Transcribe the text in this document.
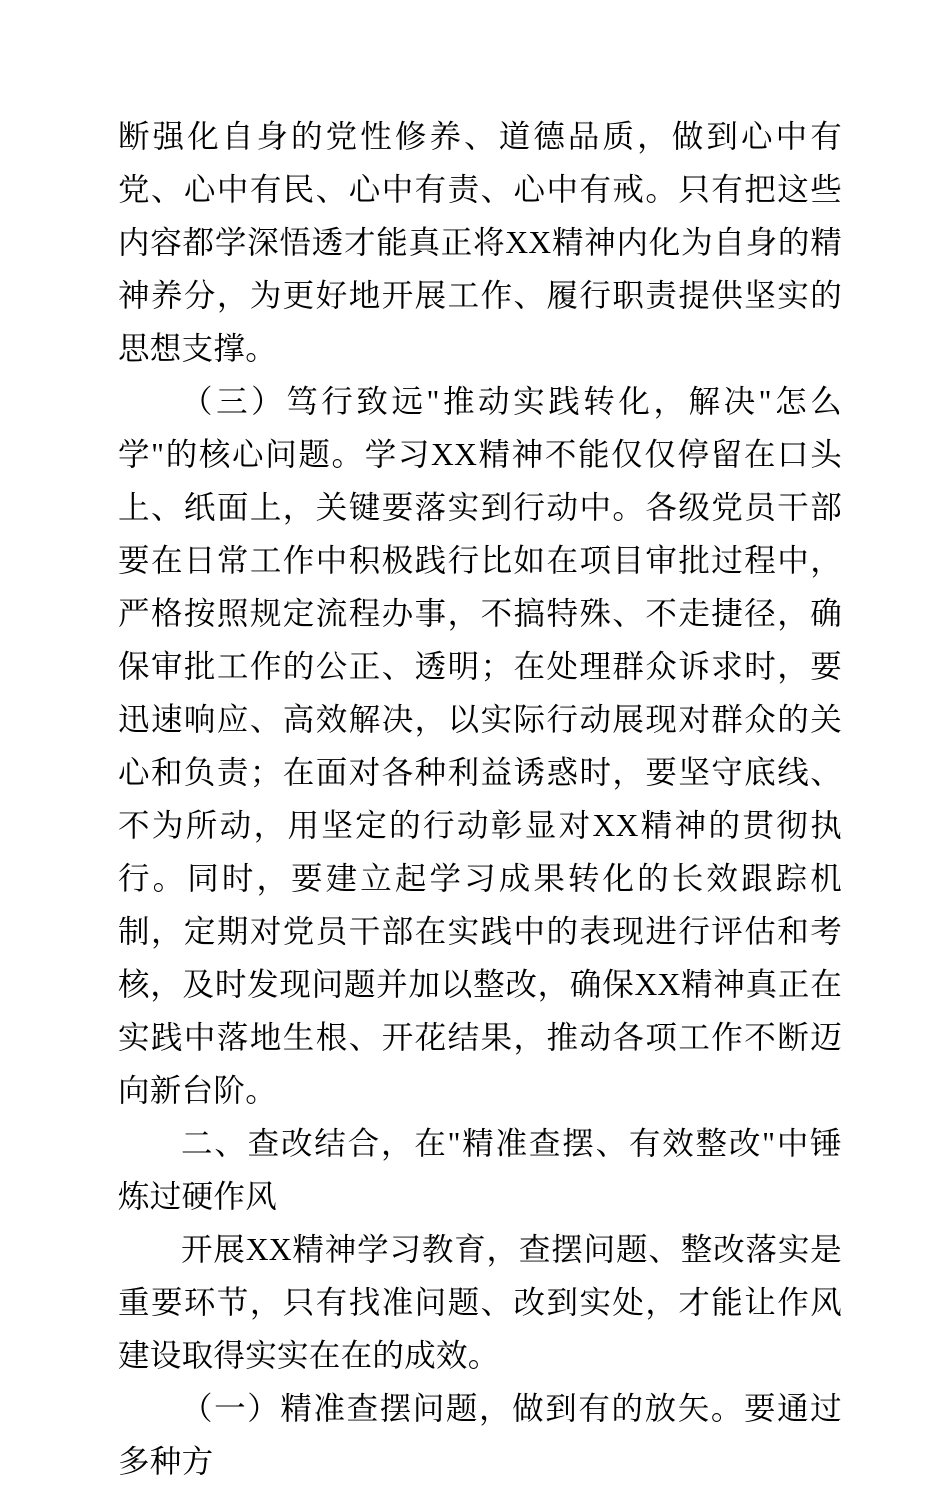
断强化自身的党性修养、道德品质，做到心中有党、心中有民、心中有责、心中有戒。只有把这些内容都学深悟透才能真正将XX精神内化为自身的精神养分，为更好地开展工作、履行职责提供坚实的思想支撑。

（三）笃行致远"推动实践转化，解决"怎么学"的核心问题。学习XX精神不能仅仅停留在口头上、纸面上，关键要落实到行动中。各级党员干部要在日常工作中积极践行比如在项目审批过程中，严格按照规定流程办事，不搞特殊、不走捷径，确保审批工作的公正、透明；在处理群众诉求时，要迅速响应、高效解决，以实际行动展现对群众的关心和负责；在面对各种利益诱惑时，要坚守底线、不为所动，用坚定的行动彰显对XX精神的贯彻执行。同时，要建立起学习成果转化的长效跟踪机制，定期对党员干部在实践中的表现进行评估和考核，及时发现问题并加以整改，确保XX精神真正在实践中落地生根、开花结果，推动各项工作不断迈向新台阶。

二、查改结合，在"精准查摆、有效整改"中锤炼过硬作风

开展XX精神学习教育，查摆问题、整改落实是重要环节，只有找准问题、改到实处，才能让作风建设取得实实在在的成效。

（一）精准查摆问题，做到有的放矢。要通过多种方
